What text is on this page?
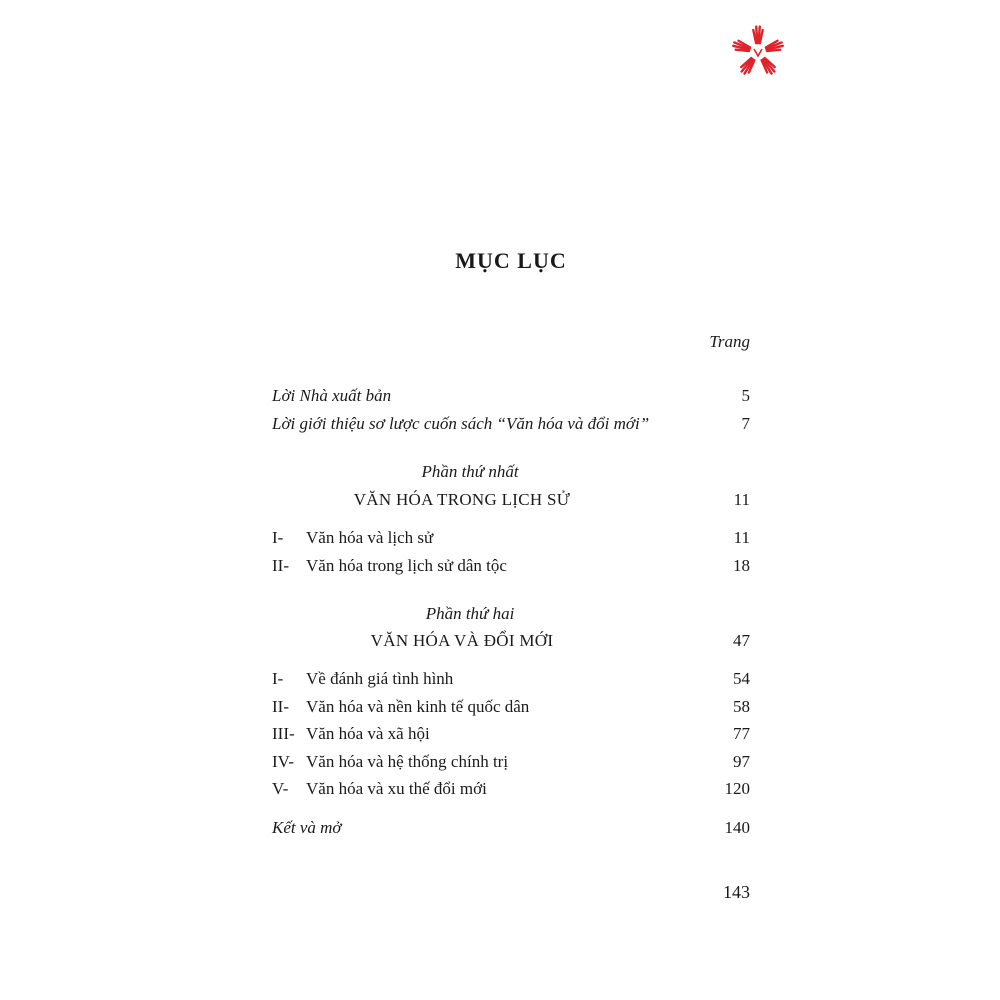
MỤC LỤC
Trang
Lời Nhà xuất bản	5
Lời giới thiệu sơ lược cuốn sách “Văn hóa và đổi mới”	7
Phần thứ nhất
VĂN HÓA TRONG LỊCH SỬ	11
I- Văn hóa và lịch sử	11
II- Văn hóa trong lịch sử dân tộc	18
Phần thứ hai
VĂN HÓA VÀ ĐỔI MỚI	47
I- Về đánh giá tình hình	54
II- Văn hóa và nền kinh tế quốc dân	58
III- Văn hóa và xã hội	77
IV- Văn hóa và hệ thống chính trị	97
V- Văn hóa và xu thế đổi mới	120
Kết và mở	140
143
